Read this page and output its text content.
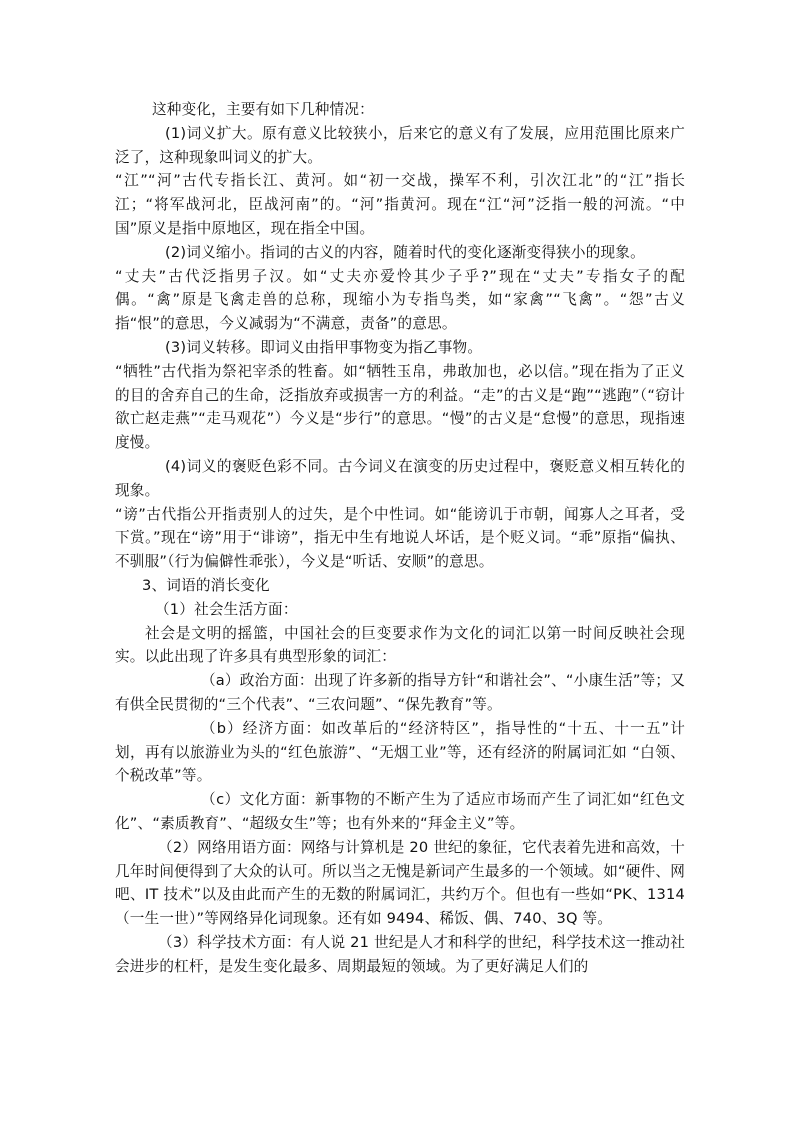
这种变化，主要有如下几种情况：

(1)词义扩大。原有意义比较狭小，后来它的意义有了发展，应用范围比原来广泛了，这种现象叫词义的扩大。

“江”“河”古代专指长江、黄河。如“初一交战，操军不利，引次江北”的“江”指长江；“将军战河北，臣战河南”的。“河”指黄河。现在“江“河”泛指一般的河流。“中国”原义是指中原地区，现在指全中国。

(2)词义缩小。指词的古义的内容，随着时代的变化逐渐变得狭小的现象。

“丈夫”古代泛指男子汉。如“丈夫亦爱怜其少子乎?”现在“丈夫”专指女子的配偶。“禽”原是飞禽走兽的总称，现缩小为专指鸟类，如“家禽”“飞禽”。“怨”古义指“恨”的意思，今义减弱为“不满意，责备”的意思。

(3)词义转移。即词义由指甲事物变为指乙事物。

“牺牲”古代指为祭祀宰杀的牲畜。如“牺牲玉帛，弗敢加也，必以信。”现在指为了正义的目的舍弃自己的生命，泛指放弃或损害一方的利益。“走”的古义是“跑”“逃跑”（“窃计欲亡赵走燕”“走马观花”）今义是“步行”的意思。“慢”的古义是“怠慢”的意思，现指速度慢。

(4)词义的褒贬色彩不同。古今词义在演变的历史过程中，褒贬意义相互转化的现象。

“谤”古代指公开指责别人的过失，是个中性词。如“能谤讥于市朝，闻寡人之耳者，受下赏。”现在“谤”用于“诽谤”，指无中生有地说人坏话，是个贬义词。“乖”原指“偏执、不驯服”（行为偏僻性乖张），今义是“听话、安顺”的意思。

3、词语的消长变化

（1）社会生活方面：

社会是文明的摇篮，中国社会的巨变要求作为文化的词汇以第一时间反映社会现实。以此出现了许多具有典型形象的词汇：

（a）政治方面：出现了许多新的指导方针“和谐社会”、“小康生活”等；又有供全民贯彻的“三个代表”、“三农问题”、“保先教育”等。

（b）经济方面：如改革后的“经济特区”，指导性的“十五、十一五”计划，再有以旅游业为头的“红色旅游”、“无烟工业”等，还有经济的附属词汇如 “白领、个税改革”等。

（c）文化方面：新事物的不断产生为了适应市场而产生了词汇如“红色文化”、“素质教育”、“超级女生”等；也有外来的“拜金主义”等。

（2）网络用语方面：网络与计算机是 20 世纪的象征，它代表着先进和高效，十几年时间便得到了大众的认可。所以当之无愧是新词产生最多的一个领域。如“硬件、网吧、IT 技术”以及由此而产生的无数的附属词汇，共约万个。但也有一些如“PK、1314（一生一世）”等网络异化词现象。还有如 9494、稀饭、偶、740、3Q 等。

（3）科学技术方面：有人说 21 世纪是人才和科学的世纪，科学技术这一推动社会进步的杠杆，是发生变化最多、周期最短的领域。为了更好满足人们的
